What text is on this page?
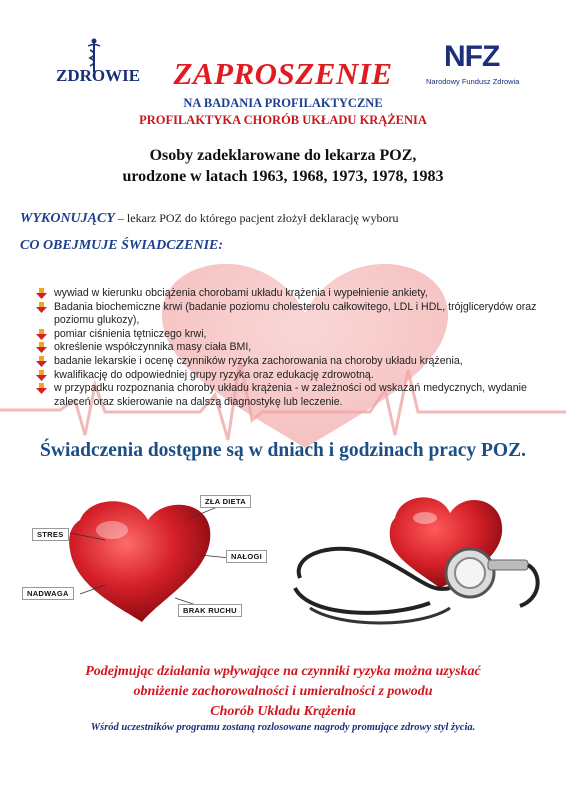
ZDROWIE
NFZ
Narodowy Fundusz Zdrowia
ZAPROSZENIE
NA BADANIA PROFILAKTYCZNE
PROFILAKTYKA CHORÓB UKŁADU KRĄŻENIA
Osoby zadeklarowane do lekarza POZ,
urodzone w latach 1963, 1968, 1973, 1978, 1983
WYKONUJĄCY – lekarz POZ do którego pacjent złożył deklarację wyboru
CO OBEJMUJE ŚWIADCZENIE:
wywiad w kierunku obciążenia chorobami układu krążenia i wypełnienie ankiety,
Badania biochemiczne krwi (badanie poziomu cholesterolu całkowitego, LDL i HDL, trójglicerydów oraz poziomu glukozy),
pomiar ciśnienia tętniczego krwi,
określenie współczynnika masy ciała BMI,
badanie lekarskie i ocenę czynników ryzyka zachorowania na choroby układu krążenia,
kwalifikację do odpowiedniej grupy ryzyka oraz edukację zdrowotną.
w przypadku rozpoznania choroby układu krążenia - w zależności od wskazań medycznych, wydanie zaleceń oraz skierowanie na dalszą diagnostykę lub leczenie.
Świadczenia dostępne są w dniach i godzinach pracy POZ.
ZŁA DIETA
STRES
NAŁOGI
NADWAGA
BRAK RUCHU
Podejmując działania wpływające na czynniki ryzyka można uzyskać
obniżenie zachorowalności i umieralności z powodu
Chorób Układu Krążenia
Wśród uczestników programu zostaną rozlosowane nagrody promujące zdrowy styl życia.
